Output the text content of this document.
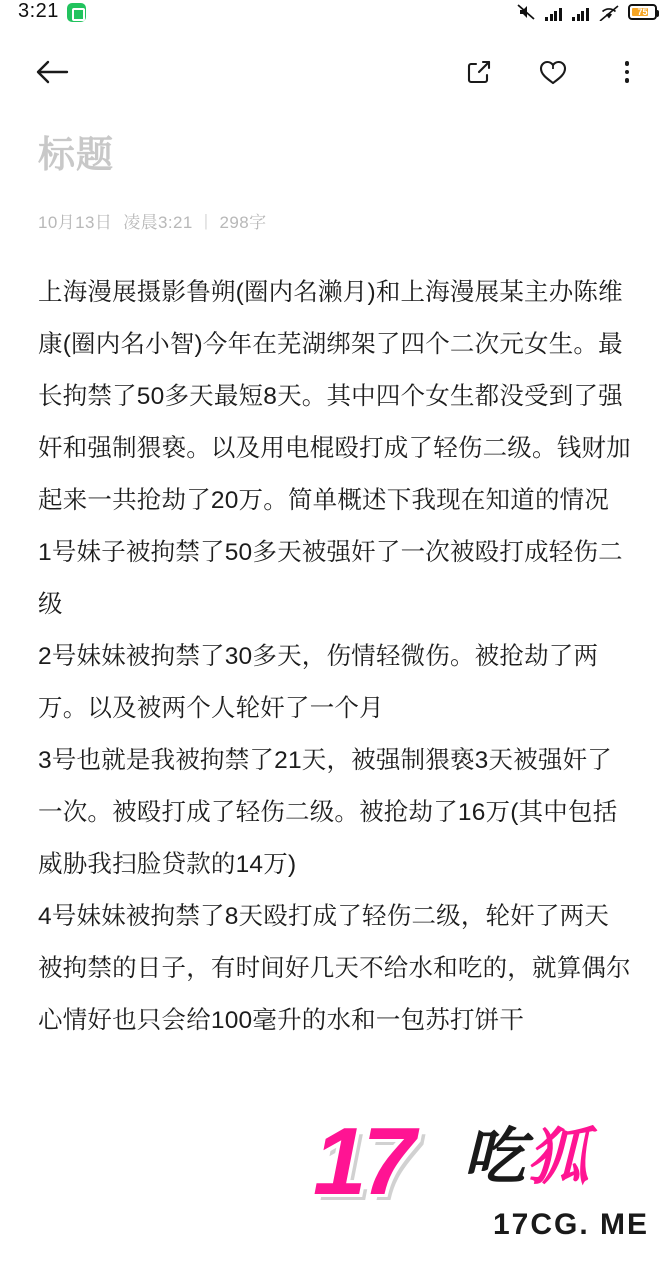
3:21	75
标题
10月13日 凌晨3:21 | 298字

上海漫展摄影鲁朔(圈内名濑月)和上海漫展某主办陈维康(圈内名小智)今年在芜湖绑架了四个二次元女生。最长拘禁了50多天最短8天。其中四个女生都没受到了强奸和强制猥亵。以及用电棍殴打成了轻伤二级。钱财加起来一共抢劫了20万。简单概述下我现在知道的情况

1号妹子被拘禁了50多天被强奸了一次被殴打成轻伤二级

2号妹妹被拘禁了30多天，伤情轻微伤。被抢劫了两万。以及被两个人轮奸了一个月

3号也就是我被拘禁了21天，被强制猥亵3天被强奸了一次。被殴打成了轻伤二级。被抢劫了16万(其中包括威胁我扫脸贷款的14万)

4号妹妹被拘禁了8天殴打成了轻伤二级，轮奸了两天

被拘禁的日子，有时间好几天不给水和吃的，就算偶尔心情好也只会给100毫升的水和一包苏打饼干

17 吃狐
17CG. ME
